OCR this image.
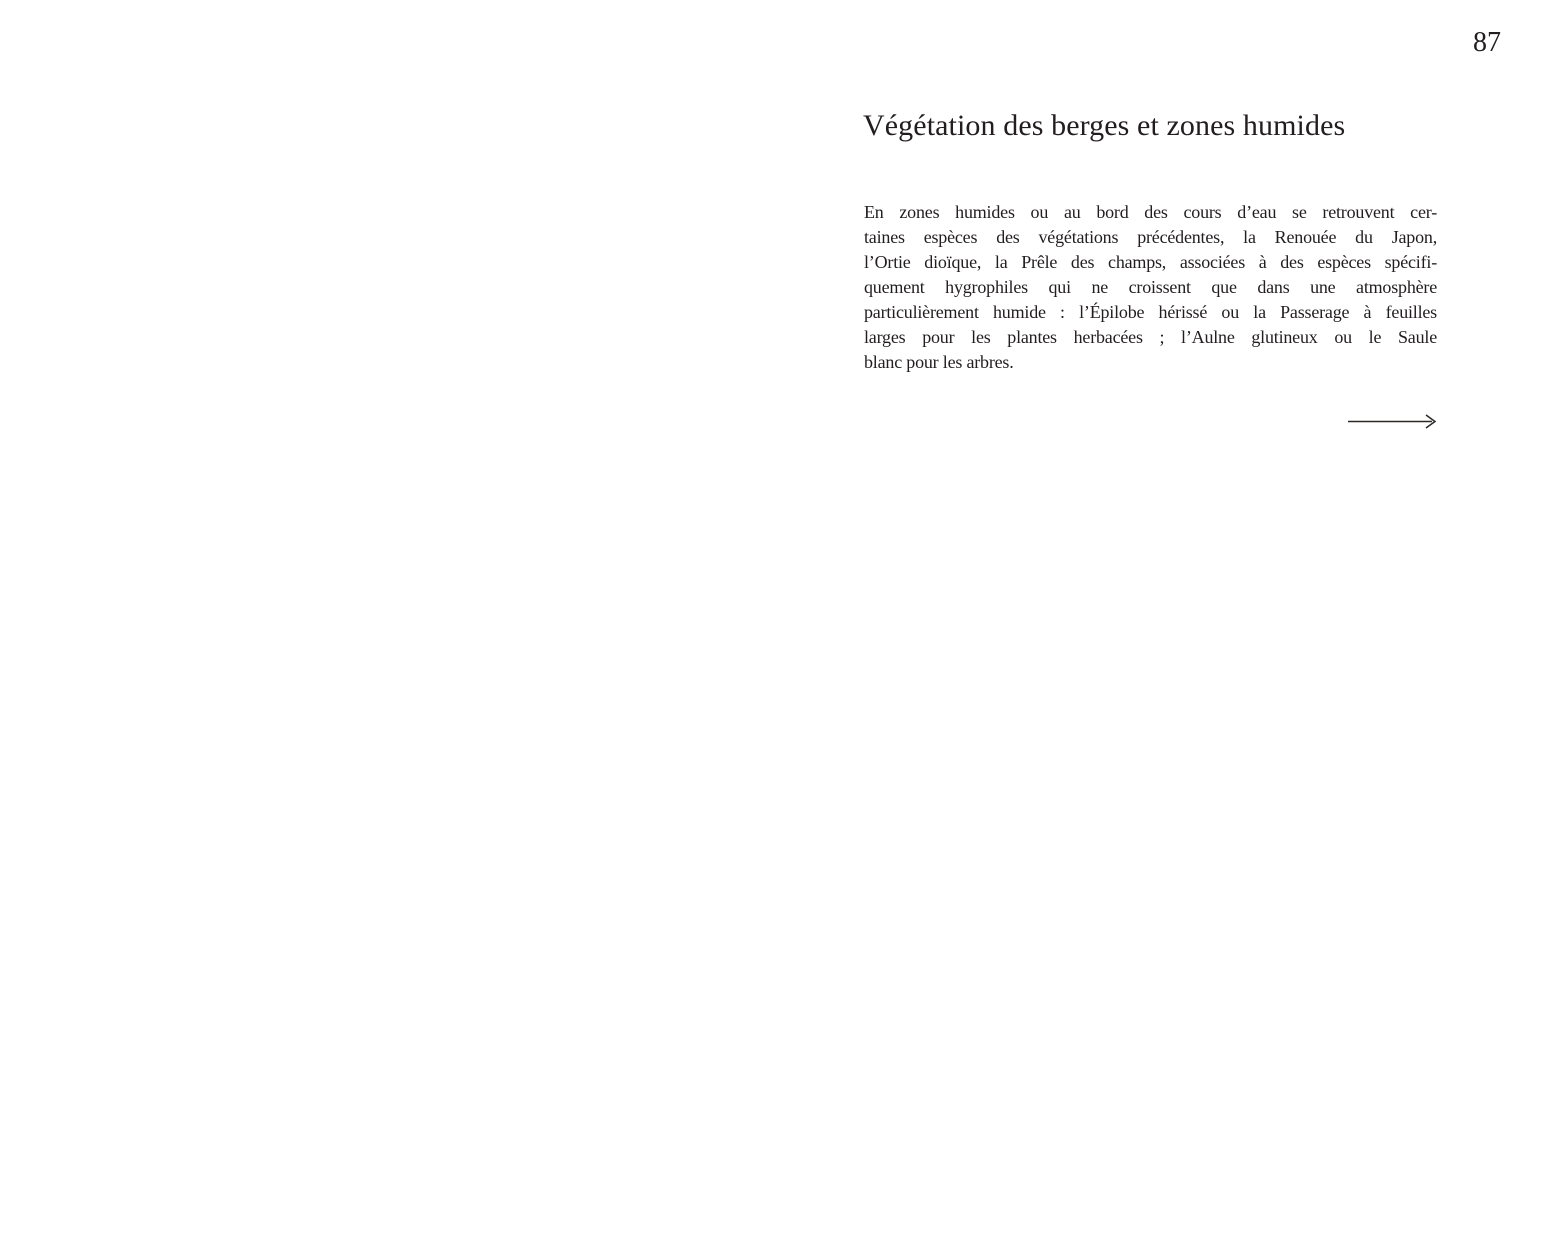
87
Végétation des berges et zones humides
En zones humides ou au bord des cours d’eau se retrouvent cer-
taines espèces des végétations précédentes, la Renouée du Japon,
l’Ortie dioïque, la Prêle des champs, associées à des espèces spécifi-
quement hygrophiles qui ne croissent que dans une atmosphère
particulièrement humide : l’Épilobe hérissé ou la Passerage à feuilles
larges pour les plantes herbacées ; l’Aulne glutineux ou le Saule
blanc pour les arbres.
